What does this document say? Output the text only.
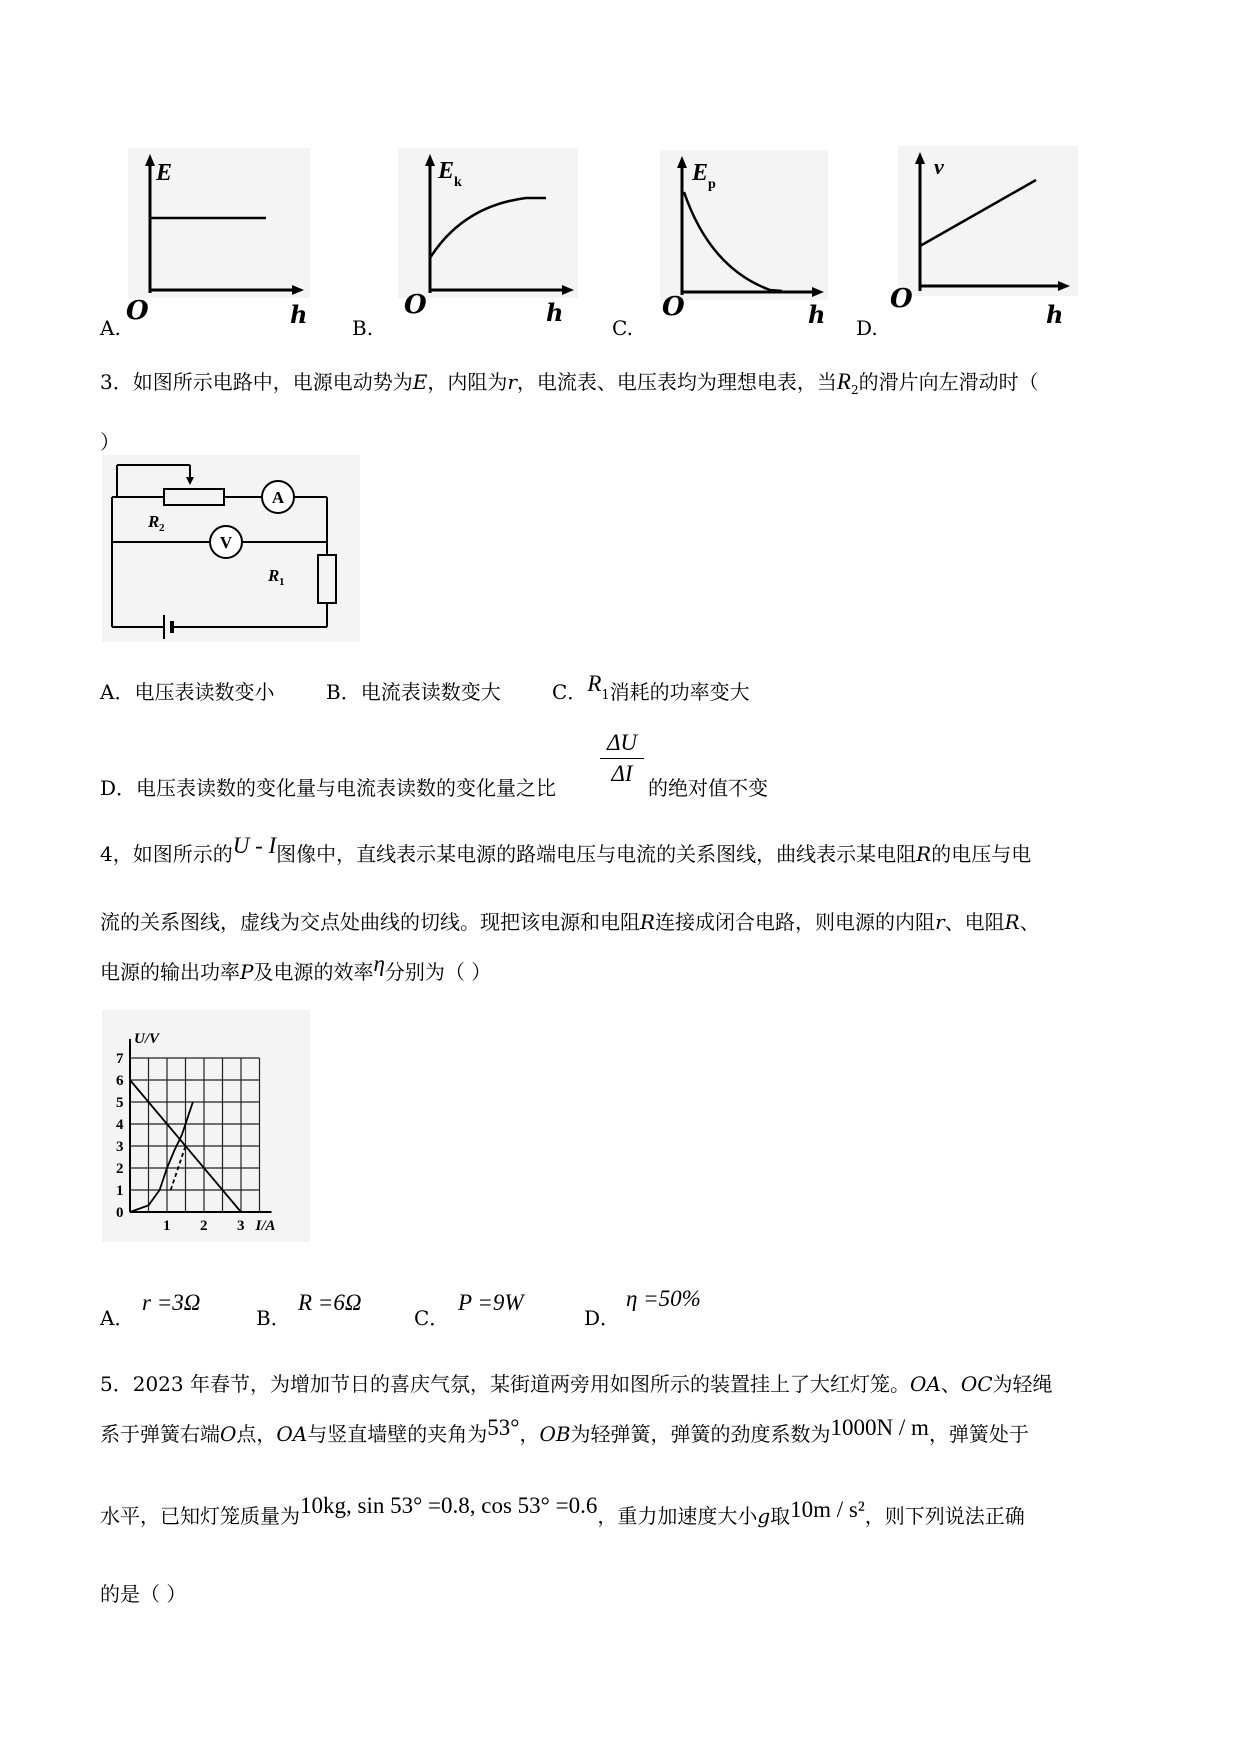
E
O	h
A.
E k
O	h
B.
E p
O	h
C.
v
O
h
D.
3．如图所示电路中，电源电动势为E，内阻为r，电流表、电压表均为理想电表，当$R_2$的滑片向左滑动时（
）
A
V
R 2
R 1
A．电压表读数变小	B．电流表读数变大	C．R1消耗的功率变大
D．电压表读数的变化量与电流表读数的变化量之比
ΔU
ΔI
的绝对值不变
4，如图所示的U - I图像中，直线表示某电源的路端电压与电流的关系图线，曲线表示某电阻R的电压与电
流的关系图线，虚线为交点处曲线的切线。现把该电源和电阻R连接成闭合电路，则电源的内阻r、电阻R、
电源的输出功率P及电源的效率η分别为（ ）
0
1
2
3
4
5
6
7
1 2 3
U/V
I/A
A．
r =3Ω
B．
R =6Ω
C．
P =9W
D．
η =50%
5．2023 年春节，为增加节日的喜庆气氛，某街道两旁用如图所示的装置挂上了大红灯笼。OA、OC为轻绳
系于弹簧右端O点，OA与竖直墙壁的夹角为53°，OB为轻弹簧，弹簧的劲度系数为1000N / m，弹簧处于
水平，已知灯笼质量为10kg, sin 53° =0.8, cos 53° =0.6，重力加速度大小g取10m / s²，则下列说法正确
的是（ ）
